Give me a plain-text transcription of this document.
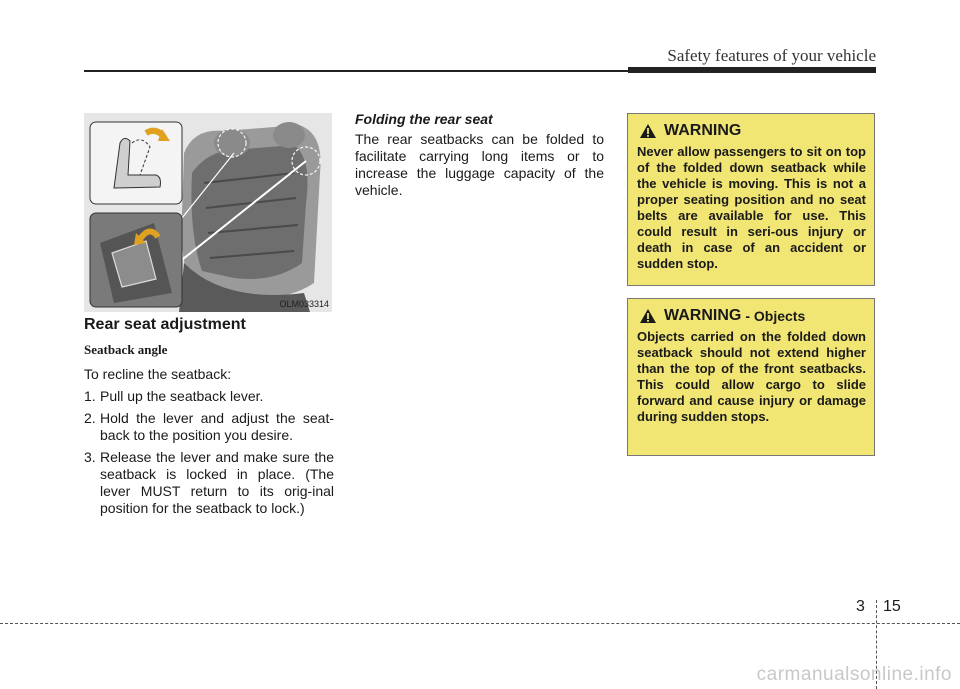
Safety features of your vehicle
OLM033314
Rear seat adjustment
Seatback angle
To recline the seatback:
1. Pull up the seatback lever.
2. Hold the lever and adjust the seat-back to the position you desire.
3. Release the lever and make sure the seatback is locked in place. (The lever MUST return to its orig-inal position for the seatback to lock.)
Folding the rear seat
The rear seatbacks can be folded to facilitate carrying long items or to increase the luggage capacity of the vehicle.
WARNING
Never allow passengers to sit on top of the folded down seatback while the vehicle is moving. This is not a proper seating position and no seat belts are available for use. This could result in seri-ous injury or death in case of an accident or sudden stop.
WARNING - Objects
Objects carried on the folded down seatback should not extend higher than the top of the front seatbacks. This could allow cargo to slide forward and cause injury or damage during sudden stops.
3 15
carmanualsonline.info
